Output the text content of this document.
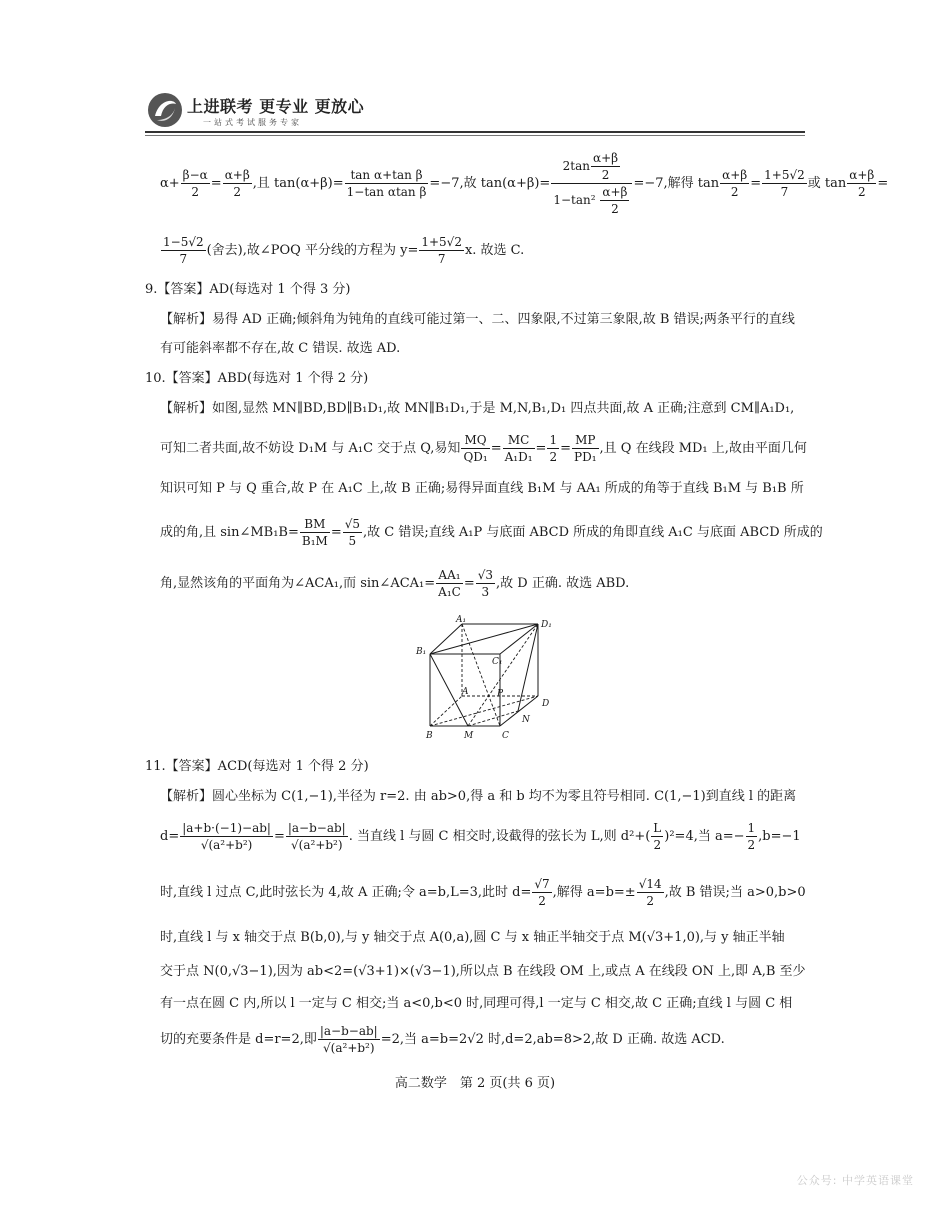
上进联考 更专业 更放心
一站式考试服务专家
$\alpha+ \frac{\beta-\alpha}{2} = \frac{\alpha+\beta}{2}$ ,且 $\tan(\alpha+\beta)= \frac{\text{tan α+tan β}}{\text{1−tan αtan β}} =-7$,故 $\tan(\alpha+\beta)= \frac{2\tan \frac{\alpha+\beta}{2}}{1-\tan^2 \frac{\alpha+\beta}{2}} =-7$,解得 $\tan \frac{\alpha+\beta}{2} = \frac{1+5√2}{7}$ 或 $\tan \frac{\alpha+\beta}{2}$ =
$\frac{1-5√2}{7}$ (舍去),故∠POQ 平分线的方程为 $y= \frac{1+5√2}{7} x$. 故选 C.
9.【答案】AD(每选对 1 个得 3 分)
【解析】易得 AD 正确;倾斜角为钝角的直线可能过第一、二、四象限,不过第三象限,故 B 错误;两条平行的直线
有可能斜率都不存在,故 C 错误. 故选 AD.
10.【答案】ABD(每选对 1 个得 2 分)
【解析】如图,显然 MN∥BD,BD∥B₁D₁,故 MN∥B₁D₁,于是 M,N,B₁,D₁ 四点共面,故 A 正确;注意到 CM∥A₁D₁,
可知二者共面,故不妨设 D₁M 与 A₁C 交于点 Q,易知 $\frac{MQ}{\text{QD₁}} = \frac{MC}{\text{A₁D₁}} = \frac{1}{2} = \frac{MP}{\text{PD₁}}$ ,且 Q 在线段 MD₁ 上,故由平面几何
知识可知 P 与 Q 重合,故 P 在 A₁C 上,故 B 正确;易得异面直线 B₁M 与 AA₁ 所成的角等于直线 B₁M 与 B₁B 所
成的角,且 sin∠MB₁B= $\frac{BM}{\text{B₁M}} = \frac{√5}{5}$ ,故 C 错误;直线 A₁P 与底面 ABCD 所成的角即直线 A₁C 与底面 ABCD 所成的
角,显然该角的平面角为∠ACA₁,而 sin∠ACA₁= $\frac{\text{AA₁}}{\text{A₁C}} = \frac{√3}{3}$ ,故 D 正确. 故选 ABD.
A₁	D₁
B₁
C₁
A	P
D
N
B	M	C
11.【答案】ACD(每选对 1 个得 2 分)
【解析】圆心坐标为 C(1,−1),半径为 r=2. 由 ab>0,得 a 和 b 均不为零且符号相同. C(1,−1)到直线 l 的距离
$d= \frac{|a+b\cdot(-1)-ab|}{\text{√(a²+b²)}} = \frac{|a-b-ab|}{\text{√(a²+b²)}}$ . 当直线 l 与圆 C 相交时,设截得的弦长为 L,则 $d^2+( \frac{L}{2} )^2=4$,当 $a=- \frac{1}{2} ,b=-1$
时,直线 l 过点 C,此时弦长为 4,故 A 正确;令 a=b,L=3,此时 $d= \frac{√7}{2}$ ,解得 $a=b=\pm \frac{√14}{2}$ ,故 B 错误;当 a>0,b>0
时,直线 l 与 x 轴交于点 B(b,0),与 y 轴交于点 A(0,a),圆 C 与 x 轴正半轴交于点 M(√3+1,0),与 y 轴正半轴
交于点 N(0,√3−1),因为 ab<2=(√3+1)×(√3−1),所以点 B 在线段 OM 上,或点 A 在线段 ON 上,即 A,B 至少
有一点在圆 C 内,所以 l 一定与 C 相交;当 a<0,b<0 时,同理可得,l 一定与 C 相交,故 C 正确;直线 l 与圆 C 相
切的充要条件是 d=r=2,即 $\frac{|a-b-ab|}{\text{√(a²+b²)}} =2$,当 a=b=2√2 时,d=2,ab=8>2,故 D 正确. 故选 ACD.
高二数学　第 2 页(共 6 页)
公众号: 中学英语课堂
